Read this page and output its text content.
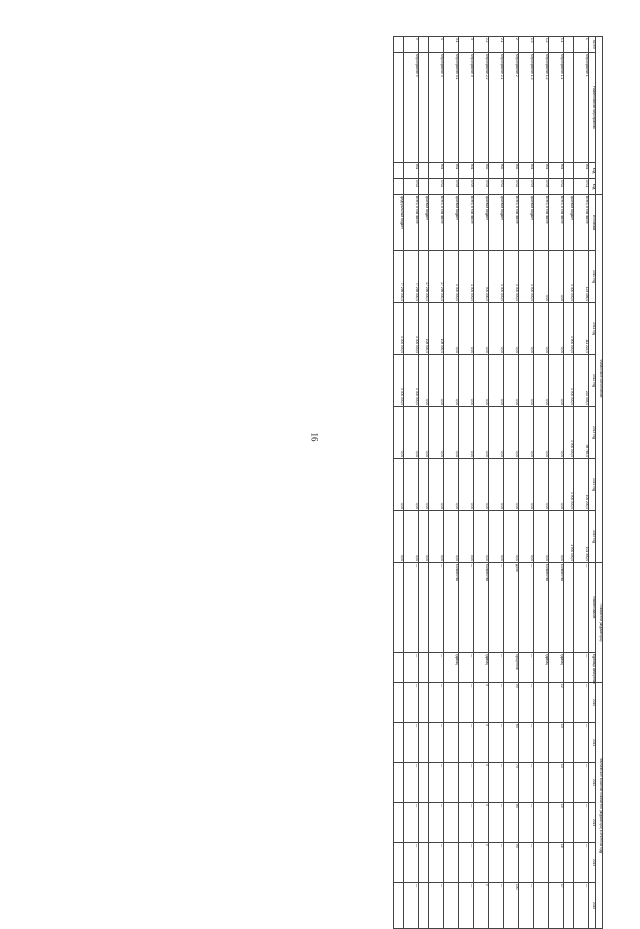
16
				Финансовое обеспечение							Показатели (индикаторы)		Фактическое значение показателя (индикатора) в отчетном году					
№ п/п	Наименование мероприятия	Код	Код	Источники	2010 год	2011 год	2012 год	2013 год	2014 год	2015 год	Наименование	Единица измерения	2010	2011	2012	2013	2014	2015
1	Мероприятие 1	801	0701	Всего, в том числе	123 456,0	111 222,0	222 333,0	98 765,0	100 200,0	101 300,0	—	—	—	—	—	—	—	—
				краевой бюджет	1 400 000,0	1 800 000,0	1 900 000,0	1 900 000,0	1 900 000,0	1 900 000,0								
1.1	Мероприятие 1.1	801	0702	Всего, в том числе	0,00	0,00	0,00	0,00	0,00	0,00	Количество	единиц	12	13	14	15	16	17
1.2	Мероприятие 1.2	801	0709	Всего, в том числе	0,00	0,00	0,00	0,00	0,00	0,00	Количество	единиц						
1.3	Мероприятие 1.3	801	0709	краевой бюджет	1 500 000,0	0,00	0,00	0,00	0,00	0,00	—	—	—	—	—	—	—	—
2	Мероприятие 2	802	0702	Всего, в том числе	1 000 000,0	0,00	0,00	0,00	0,00	0,00	Доля	процентов	50	60	70	80	90	100
2.1	Мероприятие 2.1	802	0702	краевой бюджет	1 000 000,0	0,00	0,00	0,00	0,00	0,00	—	—	—	—	—	—	—	—
2.2	Мероприятие 2.2	802	0709	краевой бюджет	500 000,0	0,00	0,00	0,00	0,00	0,00	Количество	единиц	3	3	4	4	5	5
3	Мероприятие 3	801	0709	Всего, в том числе	1 000 000,0	0,00	0,00	0,00	0,00	0,00	—	—	—	—	—	—	—	—
3.1	Мероприятие 3.1	801	0709	краевой бюджет	1 000 000,0	0,00	0,00	0,00	0,00	0,00	Количество	единиц						
4	Мероприятие 4	801	0702	Всего, в том числе	27 296 000,0	108 000,0	0,00	0,00	0,00	0,00	—	—	—	—	—	—	—	—
				краевой бюджет	27 296 000,0	108 000,0	0,00	0,00	0,00	0,00								
5	Мероприятие 5	801	0702	Всего, в том числе	77 296 000,0	1 000 000,0	1 000 000,0	0,00	0,00	0,00	—	—	—	—	—	—	—	—
				федеральный бюджет	77 296 000,0	1 000 000,0	1 000 000,0	0,00	0,00	0,00								
